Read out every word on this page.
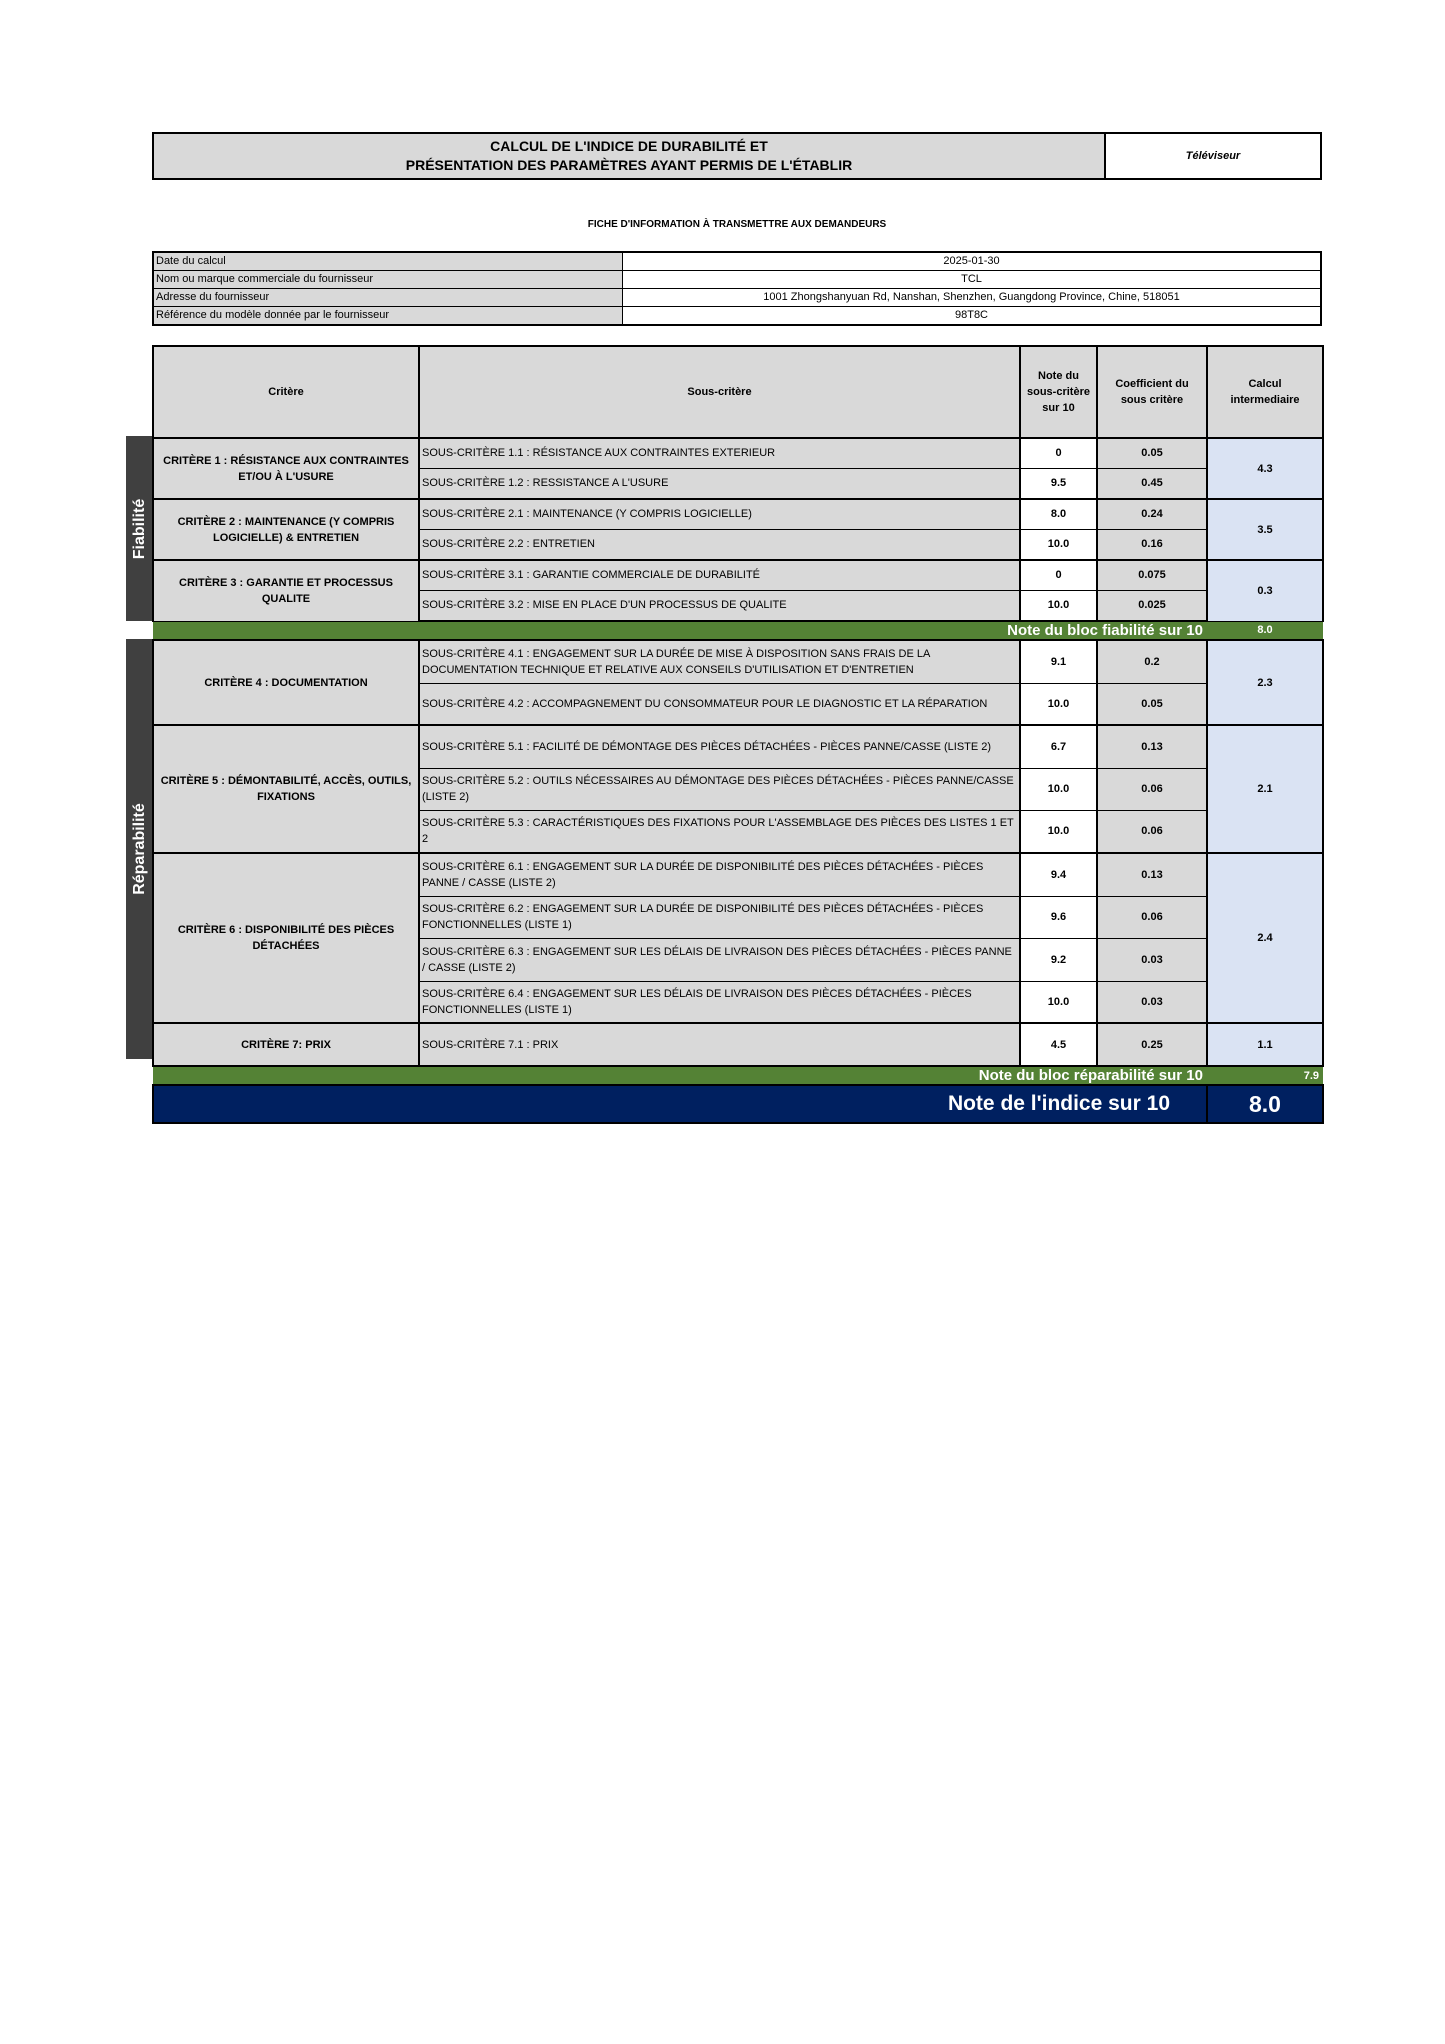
CALCUL DE L'INDICE DE DURABILITÉ ET
PRÉSENTATION DES PARAMÈTRES AYANT PERMIS DE L'ÉTABLIR
Téléviseur
FICHE D'INFORMATION À TRANSMETTRE AUX DEMANDEURS
Date du calcul	2025-01-30
Nom ou marque commerciale du fournisseur	TCL
Adresse du fournisseur	1001 Zhongshanyuan Rd, Nanshan, Shenzhen, Guangdong Province, Chine, 518051
Référence du modèle donnée par le fournisseur	98T8C
Fiabilité
Réparabilité
Critère	Sous-critère	Note du
sous-critère
sur 10	Coefficient du
sous critère	Calcul
intermediaire
CRITÈRE 1 : RÉSISTANCE AUX CONTRAINTES ET/OU À L'USURE	SOUS-CRITÈRE 1.1 : RÉSISTANCE AUX CONTRAINTES EXTERIEUR	0	0.05	4.3
	SOUS-CRITÈRE 1.2 : RESSISTANCE A L'USURE	9.5	0.45	
CRITÈRE 2 : MAINTENANCE (Y COMPRIS LOGICIELLE) & ENTRETIEN	SOUS-CRITÈRE 2.1 : MAINTENANCE (Y COMPRIS LOGICIELLE)	8.0	0.24	3.5
	SOUS-CRITÈRE 2.2 : ENTRETIEN	10.0	0.16	
CRITÈRE 3 : GARANTIE ET PROCESSUS QUALITE	SOUS-CRITÈRE 3.1 : GARANTIE COMMERCIALE DE DURABILITÉ	0	0.075	0.3
	SOUS-CRITÈRE 3.2 : MISE EN PLACE D'UN PROCESSUS DE QUALITE	10.0	0.025	
Note du bloc fiabilité sur 10				8.0
CRITÈRE 4 : DOCUMENTATION	SOUS-CRITÈRE 4.1 : ENGAGEMENT SUR LA DURÉE DE MISE À DISPOSITION SANS FRAIS DE LA DOCUMENTATION TECHNIQUE ET RELATIVE AUX CONSEILS D'UTILISATION ET D'ENTRETIEN	9.1	0.2	2.3
	SOUS-CRITÈRE 4.2 : ACCOMPAGNEMENT DU CONSOMMATEUR POUR LE DIAGNOSTIC ET LA RÉPARATION	10.0	0.05	
CRITÈRE 5 : DÉMONTABILITÉ, ACCÈS, OUTILS, FIXATIONS	SOUS-CRITÈRE 5.1 : FACILITÉ DE DÉMONTAGE DES PIÈCES DÉTACHÉES - PIÈCES PANNE/CASSE (LISTE 2)	6.7	0.13	2.1
	SOUS-CRITÈRE 5.2 : OUTILS NÉCESSAIRES AU DÉMONTAGE DES PIÈCES DÉTACHÉES - PIÈCES PANNE/CASSE (LISTE 2)	10.0	0.06	
	SOUS-CRITÈRE 5.3 : CARACTÉRISTIQUES DES FIXATIONS POUR L'ASSEMBLAGE DES PIÈCES DES LISTES 1 ET 2	10.0	0.06	
CRITÈRE 6 : DISPONIBILITÉ DES PIÈCES DÉTACHÉES	SOUS-CRITÈRE 6.1 : ENGAGEMENT SUR LA DURÉE DE DISPONIBILITÉ DES PIÈCES DÉTACHÉES - PIÈCES PANNE / CASSE (LISTE 2)	9.4	0.13	2.4
	SOUS-CRITÈRE 6.2 : ENGAGEMENT SUR LA DURÉE DE DISPONIBILITÉ DES PIÈCES DÉTACHÉES - PIÈCES FONCTIONNELLES (LISTE 1)	9.6	0.06	
	SOUS-CRITÈRE 6.3 : ENGAGEMENT SUR LES DÉLAIS DE LIVRAISON DES PIÈCES DÉTACHÉES - PIÈCES PANNE / CASSE (LISTE 2)	9.2	0.03	
	SOUS-CRITÈRE 6.4 : ENGAGEMENT SUR LES DÉLAIS DE LIVRAISON DES PIÈCES DÉTACHÉES - PIÈCES FONCTIONNELLES (LISTE 1)	10.0	0.03	
CRITÈRE 7: PRIX	SOUS-CRITÈRE 7.1 : PRIX	4.5	0.25	1.1
Note du bloc réparabilité sur 10				7.9
Note de l'indice sur 10				8.0
